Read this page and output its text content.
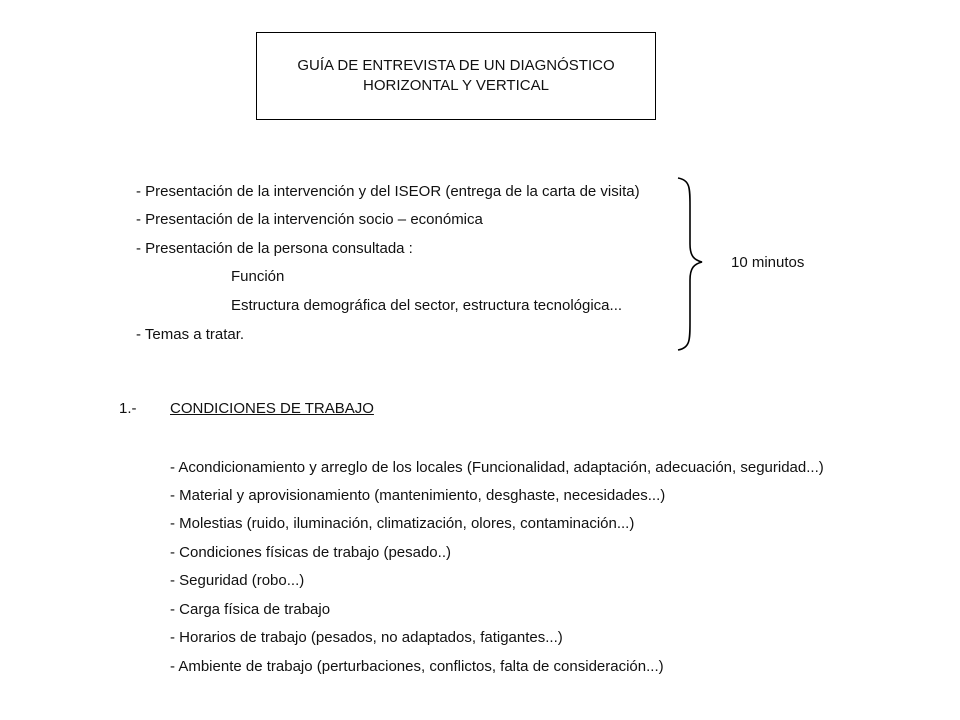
GUÍA DE ENTREVISTA DE UN DIAGNÓSTICO
HORIZONTAL Y VERTICAL
- Presentación de la intervención y del ISEOR (entrega de la carta de visita)
- Presentación de la intervención socio – económica
- Presentación de la persona consultada :
Función
Estructura demográfica del sector, estructura tecnológica...
- Temas a tratar.
10 minutos
1.- CONDICIONES DE TRABAJO
- Acondicionamiento y arreglo de los locales (Funcionalidad, adaptación, adecuación, seguridad...)
- Material y aprovisionamiento (mantenimiento, desghaste, necesidades...)
- Molestias (ruido, iluminación, climatización, olores, contaminación...)
- Condiciones físicas de trabajo (pesado..)
- Seguridad (robo...)
- Carga física de trabajo
- Horarios de trabajo (pesados, no adaptados, fatigantes...)
- Ambiente de trabajo (perturbaciones, conflictos, falta de consideración...)
